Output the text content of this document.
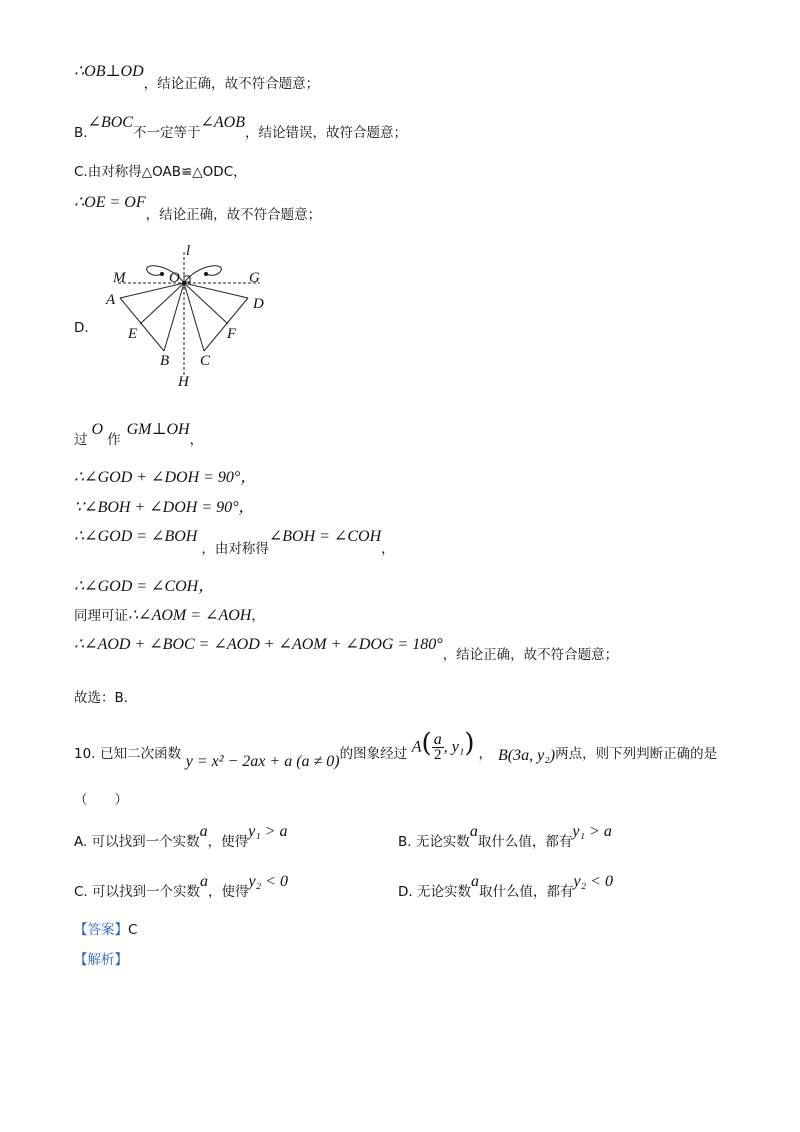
∴OB⊥OD，结论正确，故不符合题意；
B.∠BOC不一定等于∠AOB，结论错误，故符合题意；
C.由对称得△OAB≌△ODC，
∴OE = OF，结论正确，故不符合题意；
D.
l
M	O	G
A	D
E	F
B C
H
过O作GM⊥OH，
∴∠GOD + ∠DOH = 90°，
∵∠BOH + ∠DOH = 90°，
∴∠GOD = ∠BOH，由对称得∠BOH = ∠COH，
∴∠GOD = ∠COH，
同理可证∴∠AOM = ∠AOH，
∴∠AOD + ∠BOC = ∠AOD + ∠AOM + ∠DOG = 180°，结论正确，故不符合题意；
故选：B．
10. 已知二次函数 y = x² − 2ax + a (a ≠ 0)的图象经过 $A( \frac{a}{2}$ , y₁) ， B(3a, y₂)两点，则下列判断正确的是
（　　）
A. 可以找到一个实数a，使得y₁ > a
B. 无论实数a取什么值，都有y₁ > a
C. 可以找到一个实数a，使得y₂ < 0
D. 无论实数a取什么值，都有y₂ < 0
【答案】C
【解析】
